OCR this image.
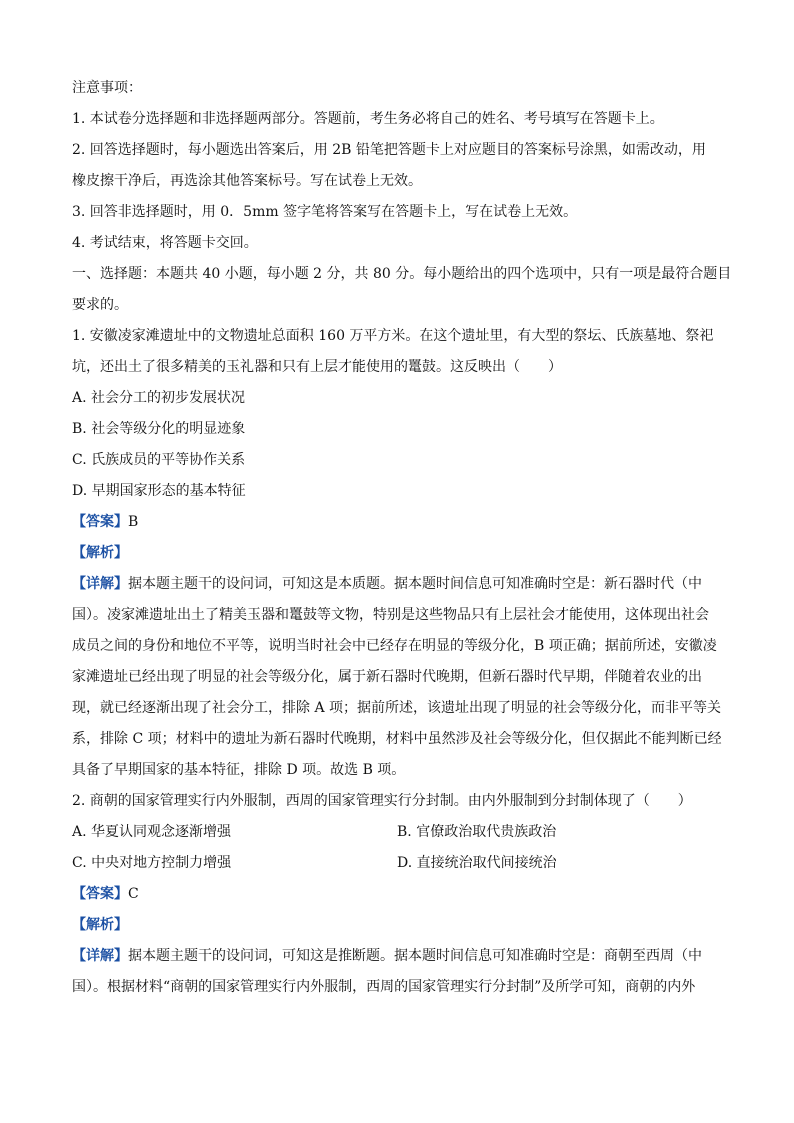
注意事项：
1. 本试卷分选择题和非选择题两部分。答题前，考生务必将自己的姓名、考号填写在答题卡上。
2. 回答选择题时，每小题选出答案后，用 2B 铅笔把答题卡上对应题目的答案标号涂黑，如需改动，用
橡皮擦干净后，再选涂其他答案标号。写在试卷上无效。
3. 回答非选择题时，用 0．5mm 签字笔将答案写在答题卡上，写在试卷上无效。
4. 考试结束，将答题卡交回。
一、选择题：本题共 40 小题，每小题 2 分，共 80 分。每小题给出的四个选项中，只有一项是最符合题目
要求的。
1. 安徽凌家滩遗址中的文物遗址总面积 160 万平方米。在这个遗址里，有大型的祭坛、氏族墓地、祭祀
坑，还出土了很多精美的玉礼器和只有上层才能使用的鼍鼓。这反映出（　　）
A. 社会分工的初步发展状况
B. 社会等级分化的明显迹象
C. 氏族成员的平等协作关系
D. 早期国家形态的基本特征
【答案】B
【解析】
【详解】据本题主题干的设问词，可知这是本质题。据本题时间信息可知准确时空是：新石器时代（中
国）。凌家滩遗址出土了精美玉器和鼍鼓等文物，特别是这些物品只有上层社会才能使用，这体现出社会
成员之间的身份和地位不平等，说明当时社会中已经存在明显的等级分化，B 项正确；据前所述，安徽凌
家滩遗址已经出现了明显的社会等级分化，属于新石器时代晚期，但新石器时代早期，伴随着农业的出
现，就已经逐渐出现了社会分工，排除 A 项；据前所述，该遗址出现了明显的社会等级分化，而非平等关
系，排除 C 项；材料中的遗址为新石器时代晚期，材料中虽然涉及社会等级分化，但仅据此不能判断已经
具备了早期国家的基本特征，排除 D 项。故选 B 项。
2. 商朝的国家管理实行内外服制，西周的国家管理实行分封制。由内外服制到分封制体现了（　　）
A. 华夏认同观念逐渐增强	B. 官僚政治取代贵族政治
C. 中央对地方控制力增强	D. 直接统治取代间接统治
【答案】C
【解析】
【详解】据本题主题干的设问词，可知这是推断题。据本题时间信息可知准确时空是：商朝至西周（中
国）。根据材料“商朝的国家管理实行内外服制，西周的国家管理实行分封制”及所学可知，商朝的内外
